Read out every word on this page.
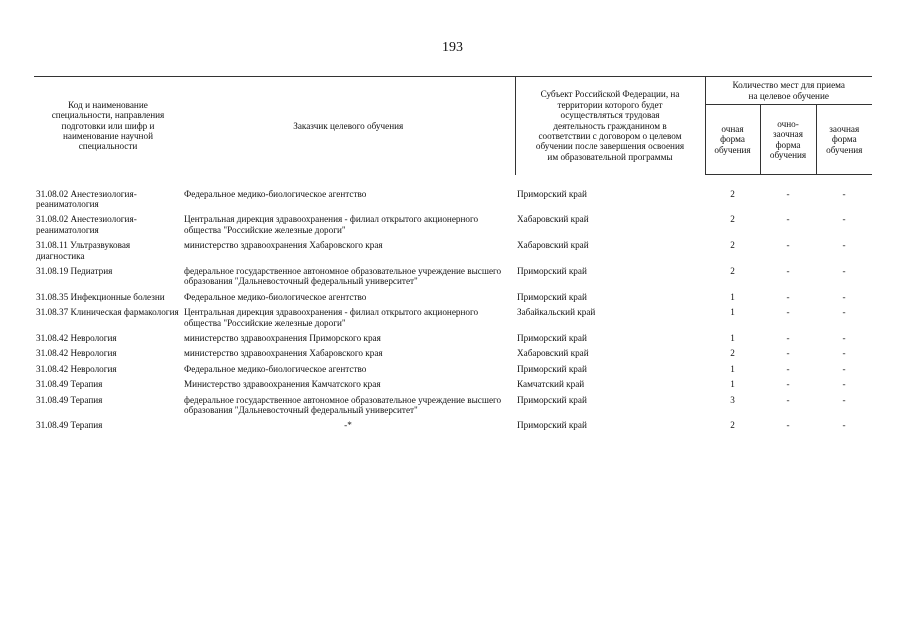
193
Код и наименование специальности, направления подготовки или шифр и наименование научной специальности	Заказчик целевого обучения	Субъект Российской Федерации, на территории которого будет осуществляться трудовая деятельность гражданином в соответствии с договором о целевом обучении после завершения освоения им образовательной программы	Количество мест для приема на целевое обучение		
			очная форма обучения	очно-заочная форма обучения	заочная форма обучения
31.08.02 Анестезиология-реаниматология	Федеральное медико-биологическое агентство	Приморский край	2	-	-
31.08.02 Анестезиология-реаниматология	Центральная дирекция здравоохранения - филиал открытого акционерного общества "Российские железные дороги"	Хабаровский край	2	-	-
31.08.11 Ультразвуковая диагностика	министерство здравоохранения Хабаровского края	Хабаровский край	2	-	-
31.08.19 Педиатрия	федеральное государственное автономное образовательное учреждение высшего образования "Дальневосточный федеральный университет"	Приморский край	2	-	-
31.08.35 Инфекционные болезни	Федеральное медико-биологическое агентство	Приморский край	1	-	-
31.08.37 Клиническая фармакология	Центральная дирекция здравоохранения - филиал открытого акционерного общества "Российские железные дороги"	Забайкальский край	1	-	-
31.08.42 Неврология	министерство здравоохранения Приморского края	Приморский край	1	-	-
31.08.42 Неврология	министерство здравоохранения Хабаровского края	Хабаровский край	2	-	-
31.08.42 Неврология	Федеральное медико-биологическое агентство	Приморский край	1	-	-
31.08.49 Терапия	Министерство здравоохранения Камчатского края	Камчатский край	1	-	-
31.08.49 Терапия	федеральное государственное автономное образовательное учреждение высшего образования "Дальневосточный федеральный университет"	Приморский край	3	-	-
31.08.49 Терапия	-*	Приморский край	2	-	-
